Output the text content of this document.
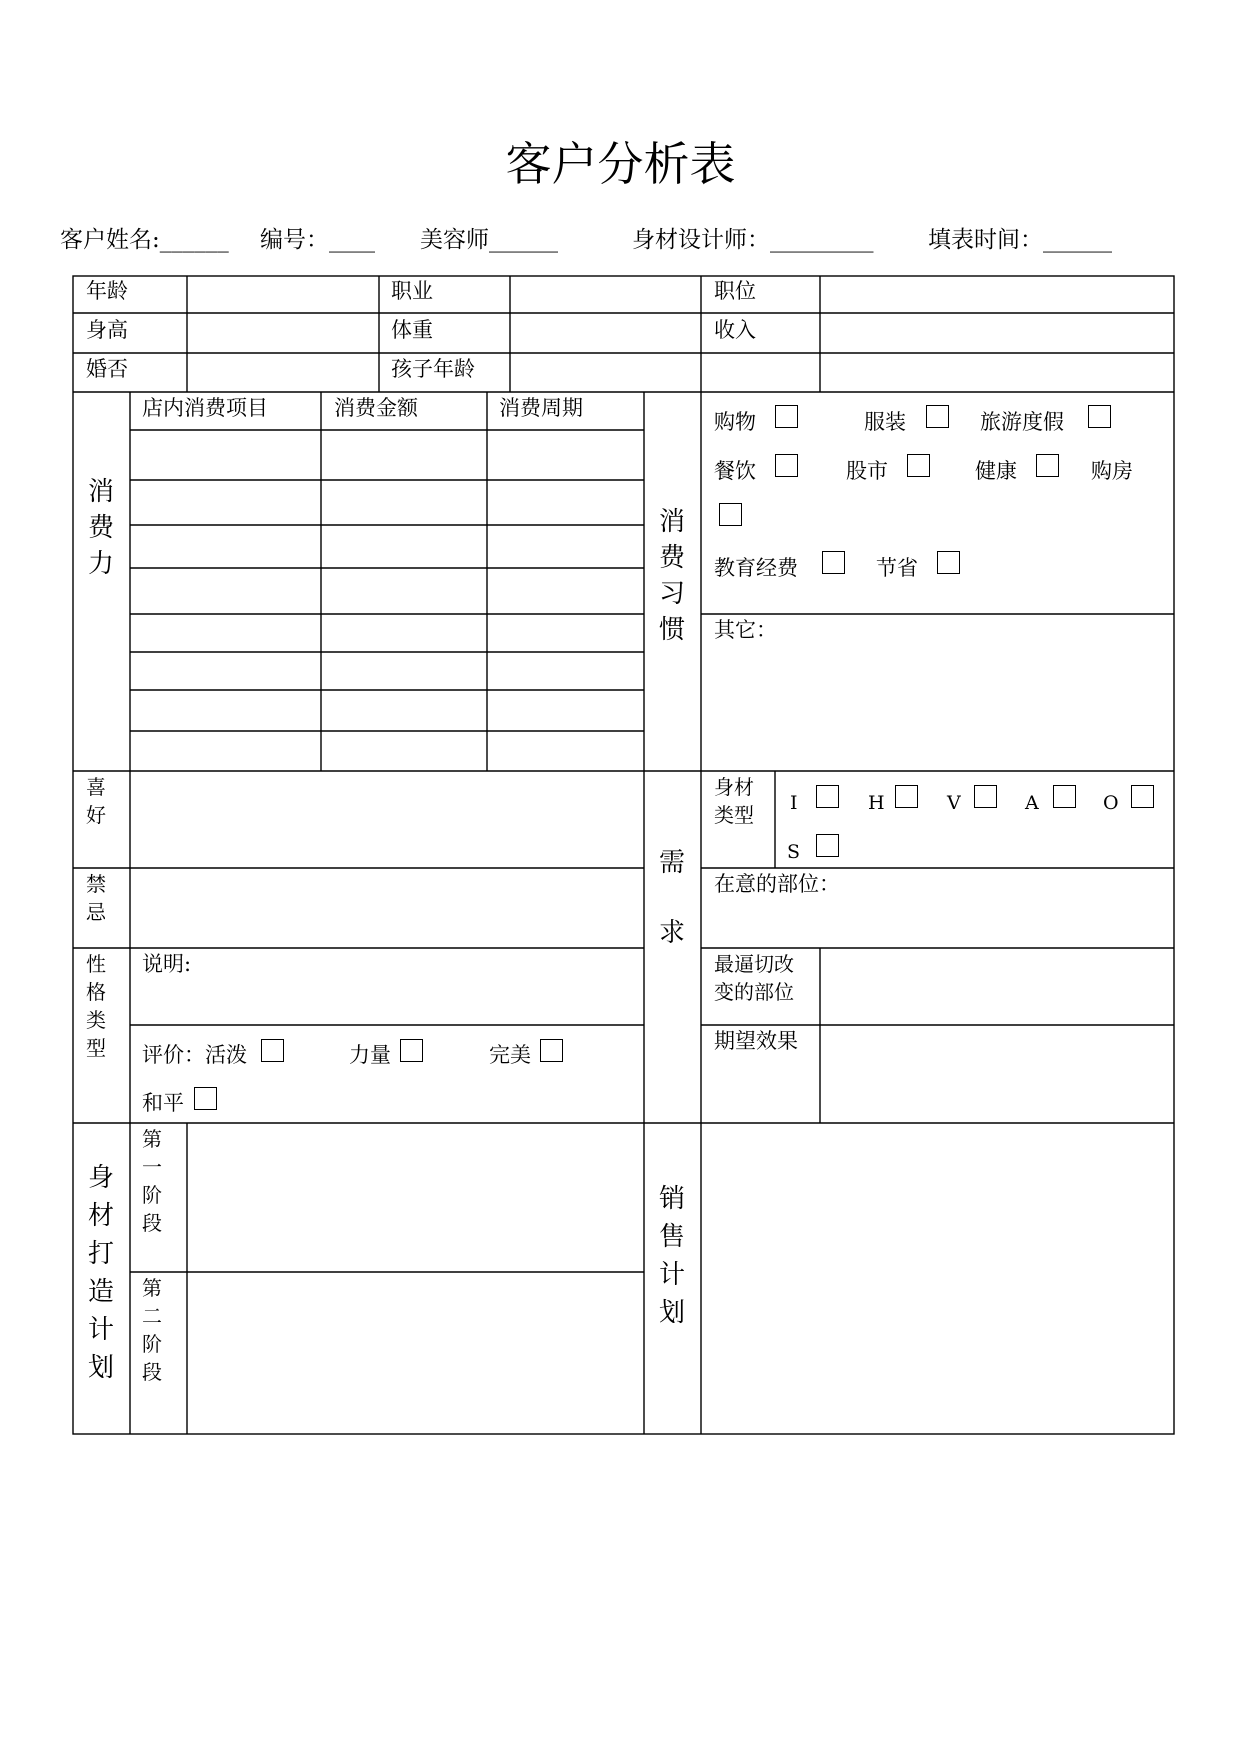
客户分析表
客户姓名:______ 编号：____ 美容师______	身材设计师：_________ 填表时间：______
年龄	职业	职位
身高	体重	收入
婚否	孩子年龄
消
费
力
店内消费项目	消费金额	消费周期
消
费
习
惯
购物	服装	旅游度假
餐饮	股市	健康	购房
教育经费	节省
其它：
喜
好
禁
忌
性
格
类
型
说明:
评价：活泼	力量	完美
和平
需
求
身材
类型 I	H	V	A	O
S
在意的部位：
最逼切改
变的部位
期望效果
身
材
打
造
计
划
第
一
阶
段
第
二
阶
段
销
售
计
划
